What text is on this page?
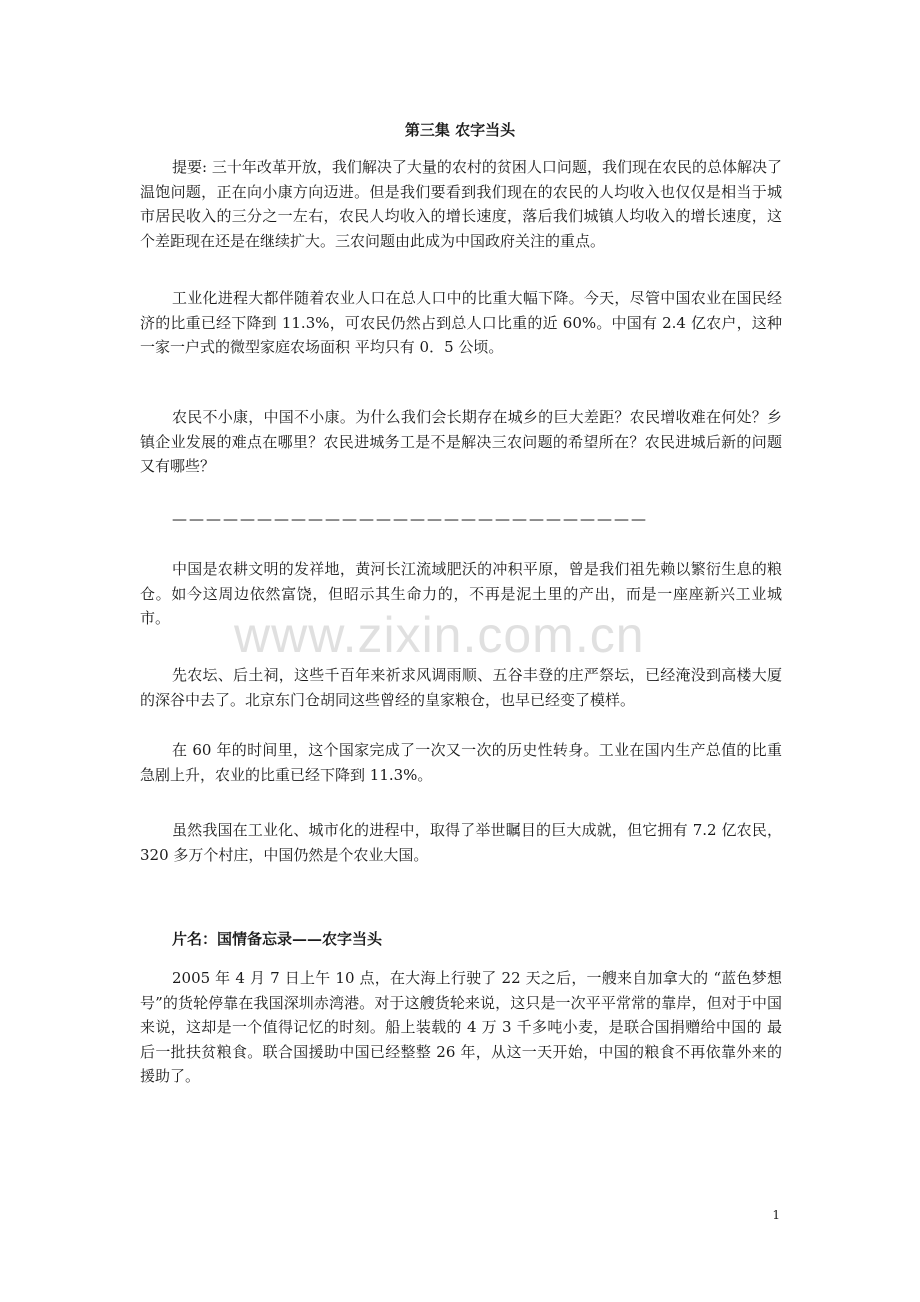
www.zixin.com.cn
第三集 农字当头

提要: 三十年改革开放，我们解决了大量的农村的贫困人口问题，我们现在农民的总体解决了温饱问题，正在向小康方向迈进。但是我们要看到我们现在的农民的人均收入也仅仅是相当于城市居民收入的三分之一左右，农民人均收入的增长速度，落后我们城镇人均收入的增长速度，这个差距现在还是在继续扩大。三农问题由此成为中国政府关注的重点。

工业化进程大都伴随着农业人口在总人口中的比重大幅下降。今天，尽管中国农业在国民经济的比重已经下降到 11.3%，可农民仍然占到总人口比重的近 60%。中国有 2.4 亿农户，这种一家一户式的微型家庭农场面积 平均只有 0．5 公顷。

农民不小康，中国不小康。为什么我们会长期存在城乡的巨大差距？农民增收难在何处？乡镇企业发展的难点在哪里？农民进城务工是不是解决三农问题的希望所在？农民进城后新的问题又有哪些？

————————————————————————————

中国是农耕文明的发祥地，黄河长江流域肥沃的冲积平原，曾是我们祖先赖以繁衍生息的粮仓。如今这周边依然富饶，但昭示其生命力的，不再是泥土里的产出，而是一座座新兴工业城市。

先农坛、后土祠，这些千百年来祈求风调雨顺、五谷丰登的庄严祭坛，已经淹没到高楼大厦的深谷中去了。北京东门仓胡同这些曾经的皇家粮仓，也早已经变了模样。

在 60 年的时间里，这个国家完成了一次又一次的历史性转身。工业在国内生产总值的比重急剧上升，农业的比重已经下降到 11.3%。

虽然我国在工业化、城市化的进程中，取得了举世瞩目的巨大成就，但它拥有 7.2 亿农民，320 多万个村庄，中国仍然是个农业大国。

片名：国情备忘录——农字当头

2005 年 4 月 7 日上午 10 点，在大海上行驶了 22 天之后，一艘来自加拿大的 “蓝色梦想号”的货轮停靠在我国深圳赤湾港。对于这艘货轮来说，这只是一次平平常常的靠岸，但对于中国来说，这却是一个值得记忆的时刻。船上装载的 4 万 3 千多吨小麦，是联合国捐赠给中国的 最后一批扶贫粮食。联合国援助中国已经整整 26 年，从这一天开始，中国的粮食不再依靠外来的援助了。

1
